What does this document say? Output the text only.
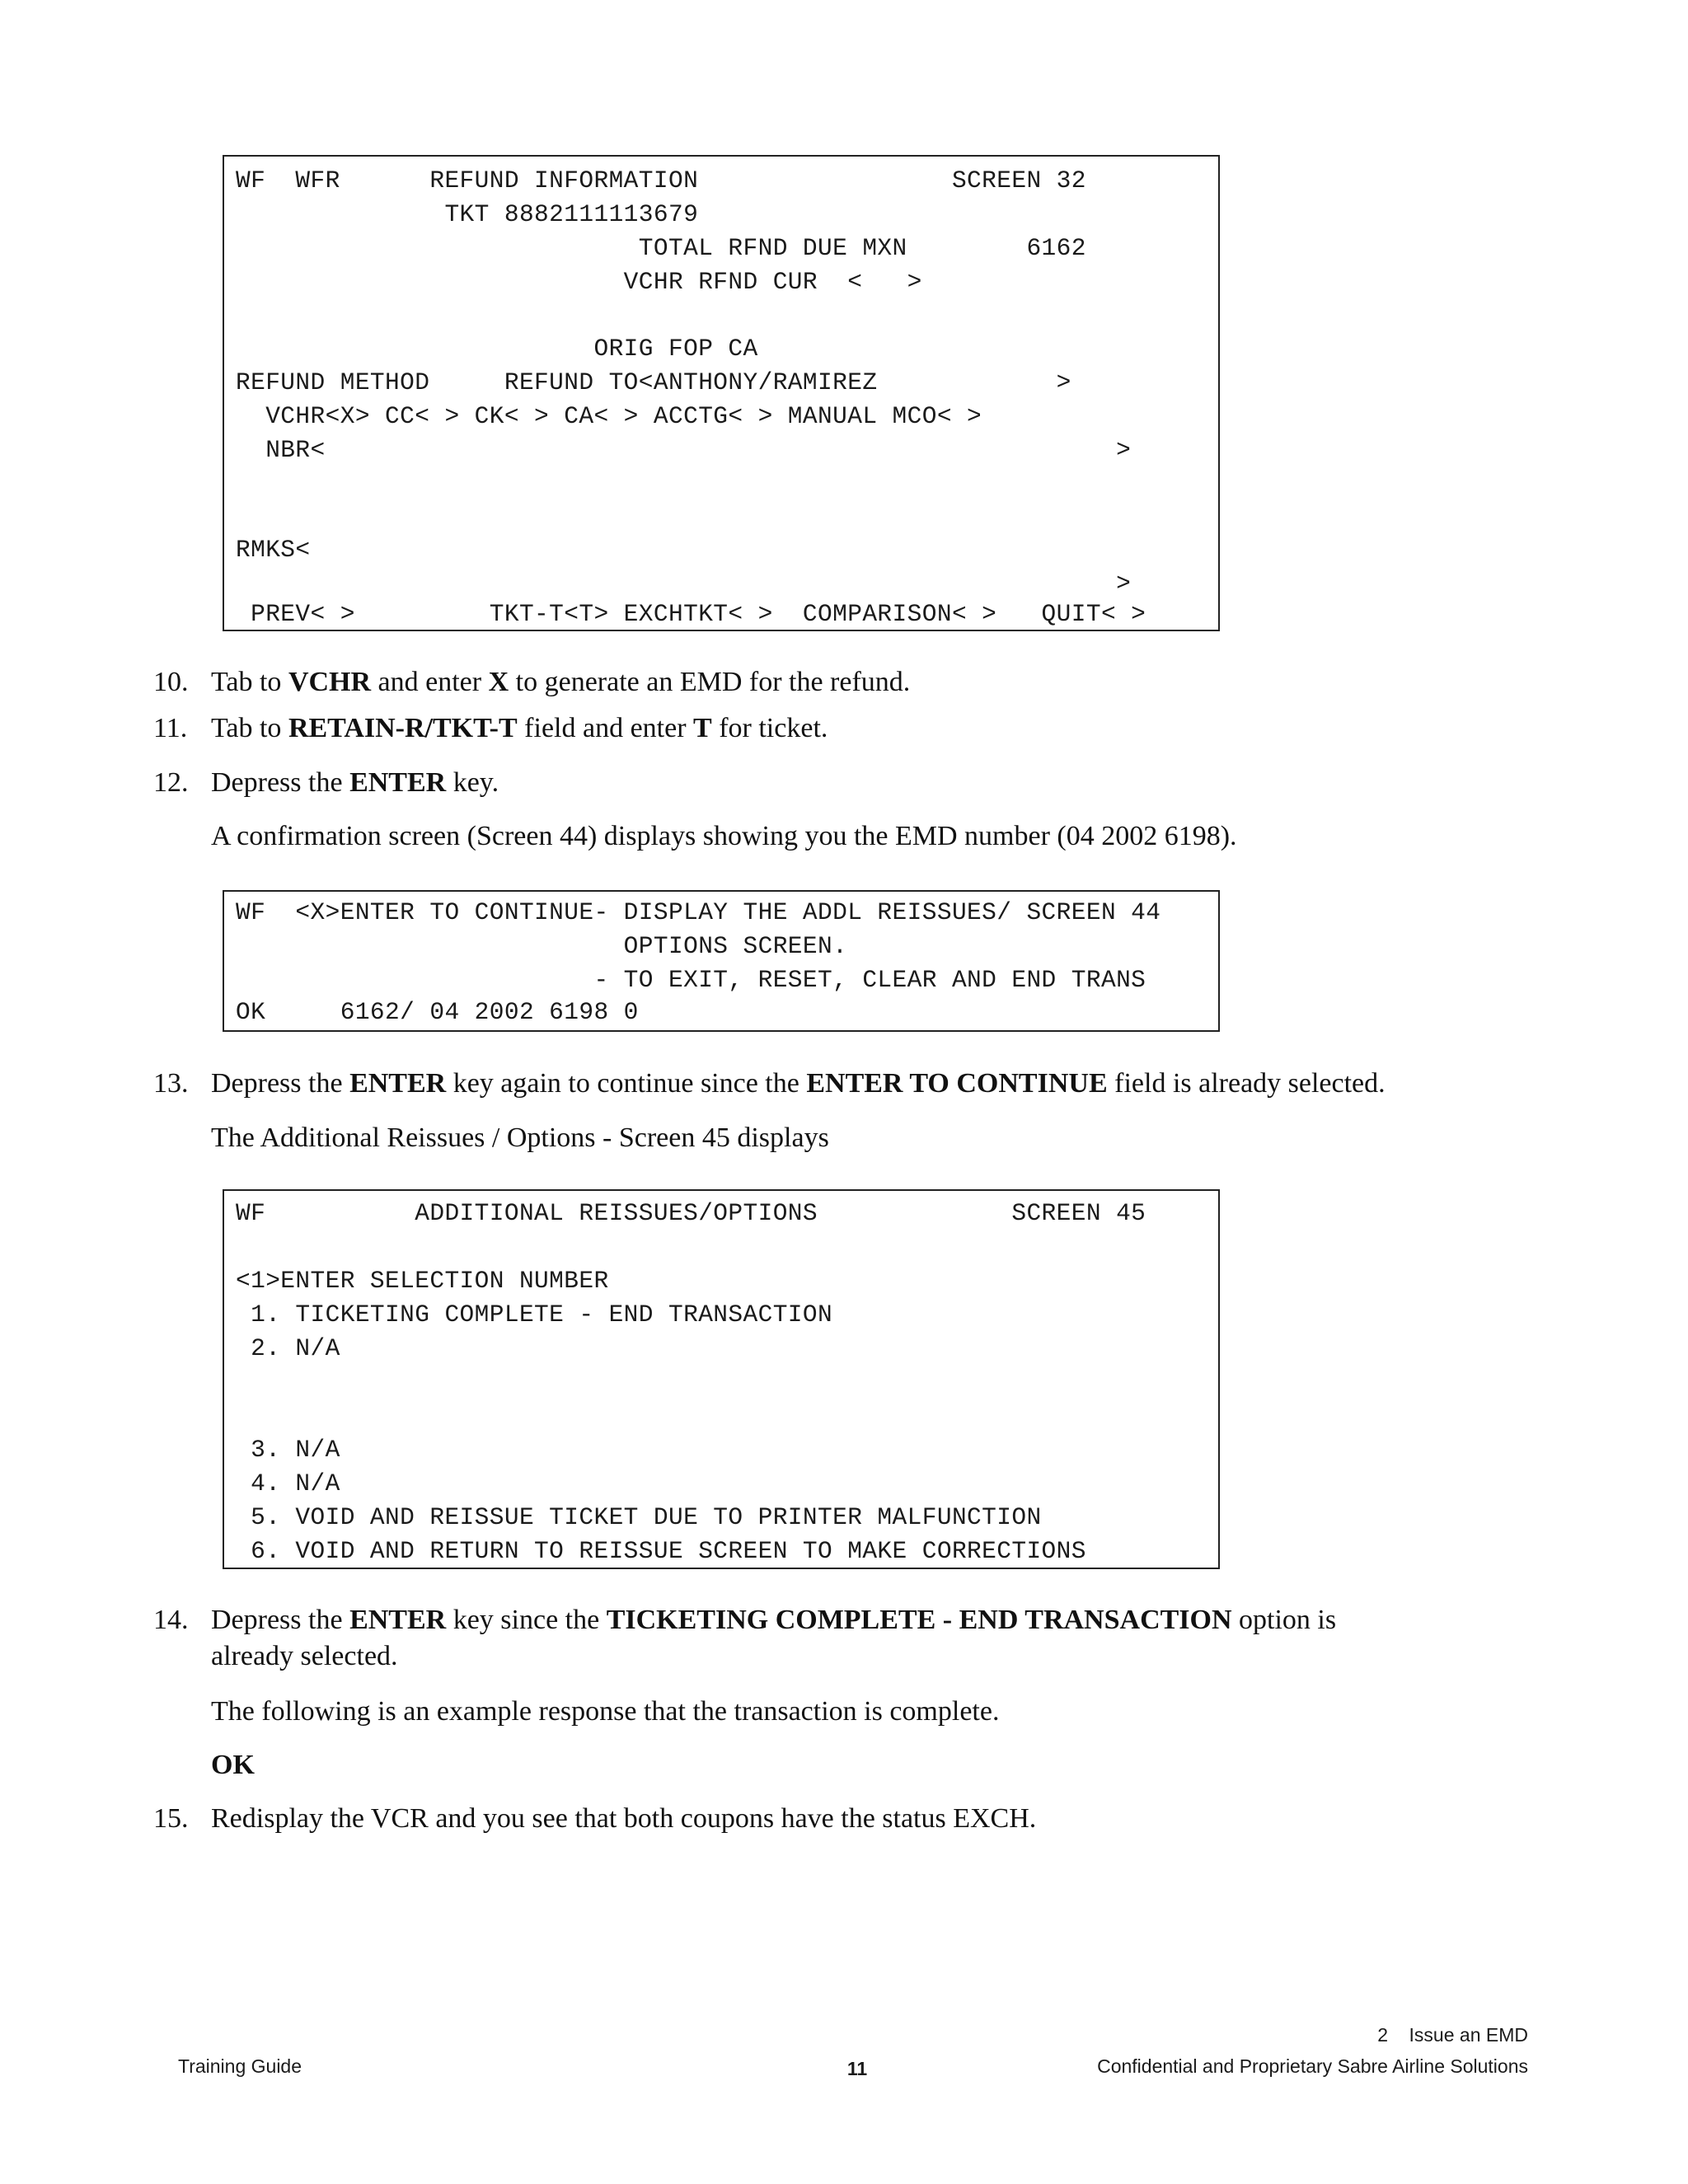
WF  WFR      REFUND INFORMATION                 SCREEN 32
TKT 8882111113679
TOTAL RFND DUE MXN        6162
VCHR RFND CUR  <   >
ORIG FOP CA
REFUND METHOD     REFUND TO<ANTHONY/RAMIREZ            >
VCHR<X> CC< > CK< > CA< > ACCTG< > MANUAL MCO< >
NBR<                                                     >
RMKS<
>
PREV< >         TKT-T<T> EXCHTKT< >  COMPARISON< >   QUIT< >
10. Tab to VCHR and enter X to generate an EMD for the refund.
11. Tab to RETAIN-R/TKT-T field and enter T for ticket.
12. Depress the ENTER key.
A confirmation screen (Screen 44) displays showing you the EMD number (04 2002 6198).
WF  <X>ENTER TO CONTINUE- DISPLAY THE ADDL REISSUES/ SCREEN 44
OPTIONS SCREEN.
- TO EXIT, RESET, CLEAR AND END TRANS
OK     6162/ 04 2002 6198 0
13. Depress the ENTER key again to continue since the ENTER TO CONTINUE field is already selected.
The Additional Reissues / Options - Screen 45 displays
WF          ADDITIONAL REISSUES/OPTIONS             SCREEN 45
<1>ENTER SELECTION NUMBER
1. TICKETING COMPLETE - END TRANSACTION
2. N/A
3. N/A
4. N/A
5. VOID AND REISSUE TICKET DUE TO PRINTER MALFUNCTION
6. VOID AND RETURN TO REISSUE SCREEN TO MAKE CORRECTIONS
14. Depress the ENTER key since the TICKETING COMPLETE - END TRANSACTION option is
already selected.
The following is an example response that the transaction is complete.
OK
15. Redisplay the VCR and you see that both coupons have the status EXCH.
2    Issue an EMD
Training Guide	11	Confidential and Proprietary Sabre Airline Solutions
